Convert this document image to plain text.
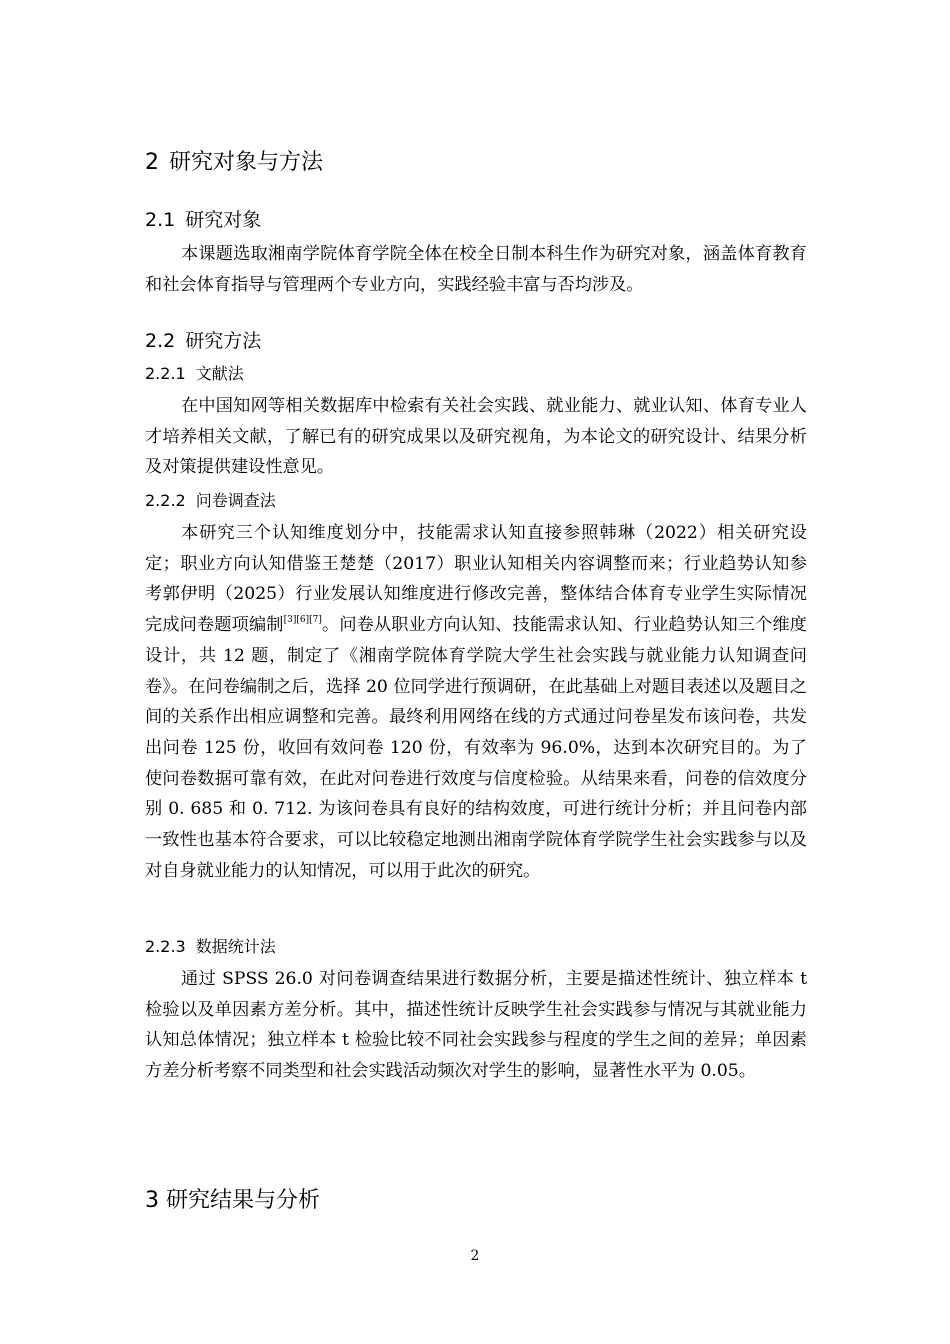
2 研究对象与方法
2.1 研究对象

本课题选取湘南学院体育学院全体在校全日制本科生作为研究对象，涵盖体育教育和社会体育指导与管理两个专业方向，实践经验丰富与否均涉及。

2.2 研究方法
2.2.1 文献法

在中国知网等相关数据库中检索有关社会实践、就业能力、就业认知、体育专业人才培养相关文献，了解已有的研究成果以及研究视角，为本论文的研究设计、结果分析及对策提供建设性意见。

2.2.2 问卷调查法

本研究三个认知维度划分中，技能需求认知直接参照韩琳（2022）相关研究设定；职业方向认知借鉴王楚楚（2017）职业认知相关内容调整而来；行业趋势认知参考郭伊明（2025）行业发展认知维度进行修改完善，整体结合体育专业学生实际情况完成问卷题项编制[3][6][7]。问卷从职业方向认知、技能需求认知、行业趋势认知三个维度设计，共 12 题，制定了《湘南学院体育学院大学生社会实践与就业能力认知调查问卷》。在问卷编制之后，选择 20 位同学进行预调研，在此基础上对题目表述以及题目之间的关系作出相应调整和完善。最终利用网络在线的方式通过问卷星发布该问卷，共发出问卷 125 份，收回有效问卷 120 份，有效率为 96.0%，达到本次研究目的。为了使问卷数据可靠有效，在此对问卷进行效度与信度检验。从结果来看，问卷的信效度分别 0. 685 和 0. 712. 为该问卷具有良好的结构效度，可进行统计分析；并且问卷内部一致性也基本符合要求，可以比较稳定地测出湘南学院体育学院学生社会实践参与以及对自身就业能力的认知情况，可以用于此次的研究。

2.2.3 数据统计法

通过 SPSS 26.0 对问卷调查结果进行数据分析，主要是描述性统计、独立样本 t 检验以及单因素方差分析。其中，描述性统计反映学生社会实践参与情况与其就业能力认知总体情况；独立样本 t 检验比较不同社会实践参与程度的学生之间的差异；单因素方差分析考察不同类型和社会实践活动频次对学生的影响，显著性水平为 0.05。

3 研究结果与分析
2
